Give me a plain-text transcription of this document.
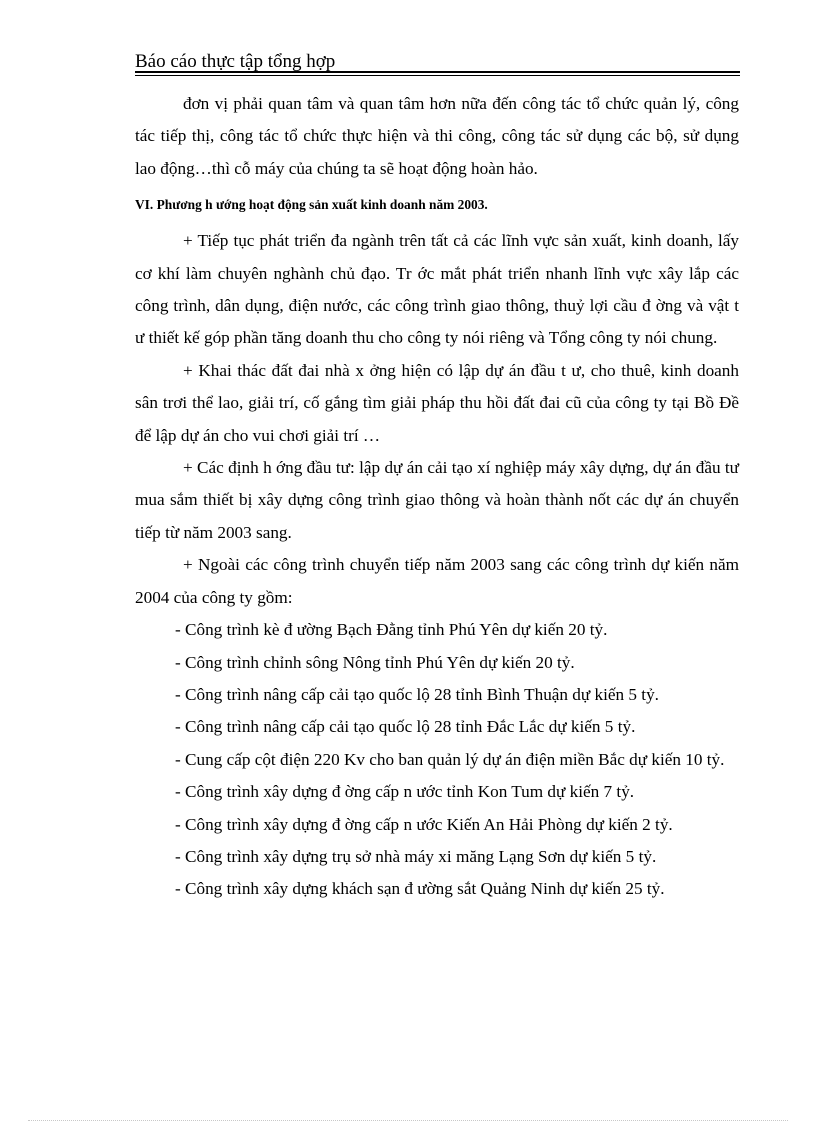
Báo cáo thực tập tổng hợp

đơn vị phải quan tâm và quan tâm hơn nữa đến công tác tổ chức quản lý, công tác tiếp thị, công tác tổ chức thực hiện và thi công, công tác sử dụng các bộ, sử dụng lao động…thì cỗ máy của chúng ta sẽ hoạt động hoàn hảo.

VI. Phương h ướng hoạt động sản xuất kinh doanh năm 2003.

+ Tiếp tục phát triển đa ngành trên tất cả các lĩnh vực sản xuất, kinh doanh, lấy cơ khí làm chuyên nghành chủ đạo. Tr ớc mắt phát triển nhanh lĩnh vực xây lắp các công trình, dân dụng, điện nước, các công trình giao thông, thuỷ lợi cầu đ ờng và vật t ư thiết kế góp phần tăng doanh thu cho công ty nói riêng và Tổng công ty nói chung.

+ Khai thác đất đai nhà x ởng hiện có lập dự án đầu t ư, cho thuê, kinh doanh sân trơi thể lao, giải trí, cố gắng tìm giải pháp thu hồi đất đai cũ của công ty tại Bồ Đề để lập dự án cho vui chơi giải trí …

+ Các định h ớng đầu tư: lập dự án cải tạo xí nghiệp máy xây dựng, dự án đầu tư mua sắm thiết bị xây dựng công trình giao thông và hoàn thành nốt các dự án chuyển tiếp từ năm 2003 sang.

+ Ngoài các công trình chuyển tiếp năm 2003 sang các công trình dự kiến năm 2004 của công ty gồm:

- Công trình kè đ ường Bạch Đằng tỉnh Phú Yên dự kiến 20 tỷ.

- Công trình chỉnh sông Nông tỉnh Phú Yên dự kiến 20 tỷ.

- Công trình nâng cấp cải tạo quốc lộ 28 tỉnh Bình Thuận dự kiến 5 tỷ.

- Công trình nâng cấp cải tạo quốc lộ 28 tỉnh Đắc Lắc dự kiến 5 tỷ.

- Cung cấp cột điện 220 Kv cho ban quản lý dự án điện miền Bắc dự kiến 10 tỷ.

- Công trình xây dựng đ ờng cấp n ước tỉnh Kon Tum dự kiến 7 tỷ.

- Công trình xây dựng đ ờng cấp n ước Kiến An Hải Phòng dự kiến 2 tỷ.

- Công trình xây dựng trụ sở nhà máy xi măng Lạng Sơn dự kiến 5 tỷ.

- Công trình xây dựng khách sạn đ ường sắt Quảng Ninh dự kiến 25 tỷ.
